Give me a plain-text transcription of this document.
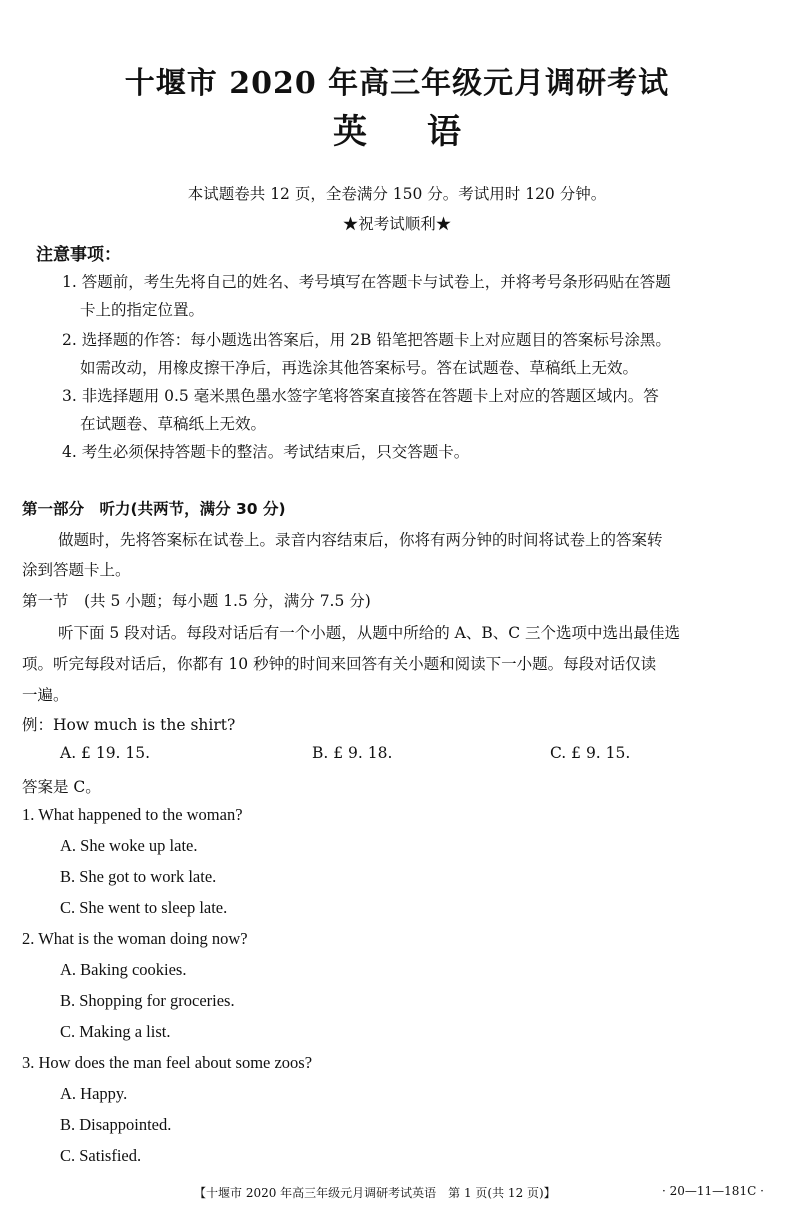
十堰市 2020 年高三年级元月调研考试
英语
本试题卷共 12 页，全卷满分 150 分。考试用时 120 分钟。
★祝考试顺利★
注意事项：
1. 答题前，考生先将自己的姓名、考号填写在答题卡与试卷上，并将考号条形码贴在答题
卡上的指定位置。
2. 选择题的作答：每小题选出答案后，用 2B 铅笔把答题卡上对应题目的答案标号涂黑。
如需改动，用橡皮擦干净后，再选涂其他答案标号。答在试题卷、草稿纸上无效。
3. 非选择题用 0.5 毫米黑色墨水签字笔将答案直接答在答题卡上对应的答题区域内。答
在试题卷、草稿纸上无效。
4. 考生必须保持答题卡的整洁。考试结束后，只交答题卡。
第一部分　听力(共两节，满分 30 分)
做题时，先将答案标在试卷上。录音内容结束后，你将有两分钟的时间将试卷上的答案转
涂到答题卡上。
第一节　(共 5 小题；每小题 1.5 分，满分 7.5 分)
听下面 5 段对话。每段对话后有一个小题，从题中所给的 A、B、C 三个选项中选出最佳选
项。听完每段对话后，你都有 10 秒钟的时间来回答有关小题和阅读下一小题。每段对话仅读
一遍。
例：How much is the shirt?
A. £ 19. 15.	B. £ 9. 18.	C. £ 9. 15.
答案是 C。
1. What happened to the woman?
A. She woke up late.
B. She got to work late.
C. She went to sleep late.
2. What is the woman doing now?
A. Baking cookies.
B. Shopping for groceries.
C. Making a list.
3. How does the man feel about some zoos?
A. Happy.
B. Disappointed.
C. Satisfied.
【十堰市 2020 年高三年级元月调研考试英语　第 1 页(共 12 页)】	· 20—11—181C ·
